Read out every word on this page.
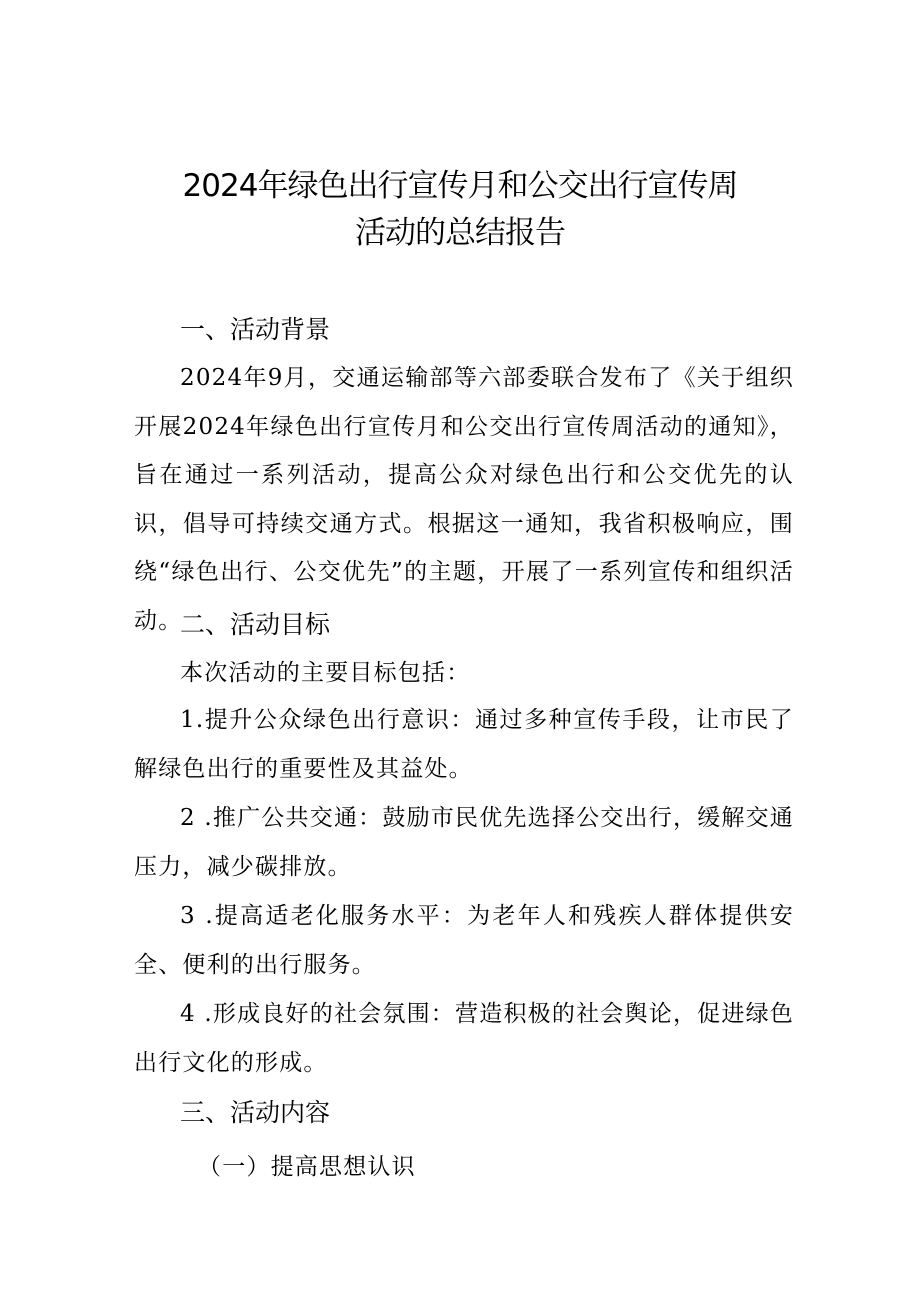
2024年绿色出行宣传月和公交出行宣传周
活动的总结报告
一、活动背景

2024年9月，交通运输部等六部委联合发布了《关于组织开展2024年绿色出行宣传月和公交出行宣传周活动的通知》，旨在通过一系列活动，提高公众对绿色出行和公交优先的认识，倡导可持续交通方式。根据这一通知，我省积极响应，围绕“绿色出行、公交优先”的主题，开展了一系列宣传和组织活动。

二、活动目标
本次活动的主要目标包括：

1.提升公众绿色出行意识：通过多种宣传手段，让市民了解绿色出行的重要性及其益处。

2 .推广公共交通：鼓励市民优先选择公交出行，缓解交通压力，减少碳排放。

3 .提高适老化服务水平：为老年人和残疾人群体提供安全、便利的出行服务。

4 .形成良好的社会氛围：营造积极的社会舆论，促进绿色出行文化的形成。

三、活动内容
（一）提高思想认识
